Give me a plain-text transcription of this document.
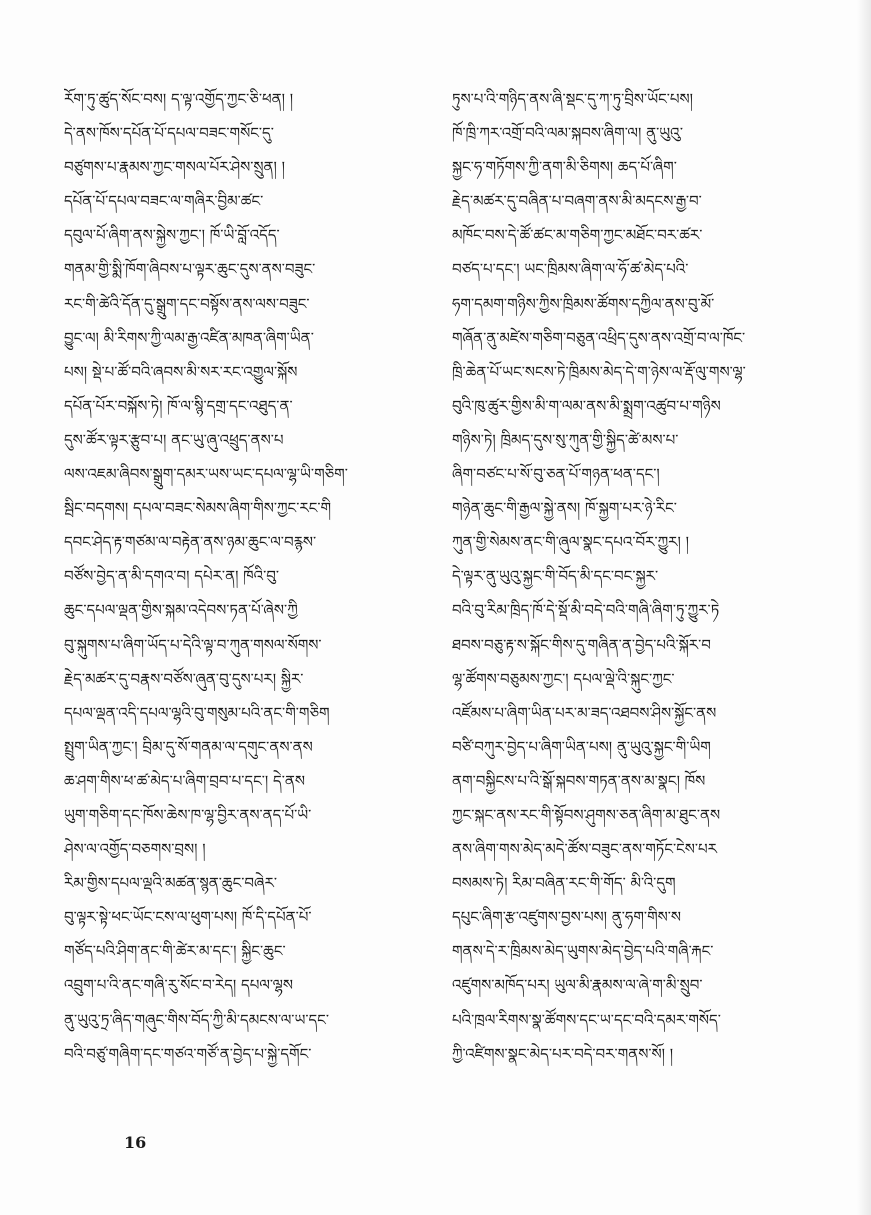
ཪོག་ཏུ་ཚུད་སོང་བས། ད་ལྟ་འགྱོད་ཀྱང་ཅི་ཕན། །
དེ་ནས་ཁོས་དཔོན་པོ་དཔལ་བཟང་གསོང་དུ་
བཙུགས་པ་རྣམས་ཀྱང་གསལ་པོར་ཤེས་སྲུན། །
དཔོན་པོ་དཔལ་བཟང་ལ་གཞིར་བྱིམ་ཚང་
དབུལ་པོ་ཞིག་ནས་སྐྱེས་ཀྱང་། ཁོ་ཡི་བློ་འདོད་
གནམ་གྱི་སྨི་ཁོག་ཞིབས་པ་ལྟར་ཆུང་དུས་ནས་བཟུང་
རང་གི་ཚེའི་དོན་དུ་སྒྲུག་དང་བསྟོས་ནས་ལས་བཟུང་
བྱུང་ལ། མི་རིགས་ཀྱི་ལམ་རྒྱ་འཛིན་མཁན་ཞིག་ཡིན་
པས། སྡེ་པ་ཚོ་བའི་ཞབས་མི་སར་རང་འགྱུལ་སྐོས
དཔོན་པོར་བསྐོས་ཏེ། ཁོ་ལ་སྙི་དགྲ་དང་འཐུད་ན་
དུས་ཚོར་ལྟར་རྩུབ་པ། ནང་ཡུ་ཞུ་འཕྲུད་ནས་པ
ལས་འཇམ་ཞིབས་སྒྲུག་དམར་ཡས་ཡང་དཔལ་ལྷ་ཡི་གཅིག་
སྦིང་བདགས། དཔལ་བཟང་སེམས་ཞིག་གིས་ཀྱང་རང་གི
དབང་ཤེད་རྟ་གཙམ་ལ་བརྟེན་ནས་ཉམ་ཆུང་ལ་བརྙས་
བཙོས་བྱེད་ན་མི་དགའ་བ། དཔེར་ན། ཁོའི་བུ་
ཆུང་དཔལ་ལྡན་གྱིས་སྐམ་འདེབས་ཏན་པོ་ཞེས་ཀྱི
བུ་སྐུགས་པ་ཞིག་ཡོད་པ་དེའི་ལྟ་བ་ཀུན་གསལ་སོགས་
རྗེད་མཚར་དུ་བརྣས་བཙོས་ཞུན་བུ་དུས་པར། སྐྱིར་
དཔལ་ལྡན་འདི་དཔལ་ལྷའི་བུ་གསུམ་པའི་ནང་གི་གཅིག
སྤྲུག་ཡིན་ཀྱང་། བྲིམ་དུ་སོ་གནམ་ལ་དགུང་ནས་ནས
ཆ་ཤག་གིས་ཕ་ཚ་མེད་པ་ཞིག་བྲབ་པ་དང་། དེ་ནས
ཡུག་གཅིག་དང་ཁོས་ཆེས་ཁ་ལྷ་བྱིར་ནས་ནད་པོ་ཡི་
ཤེས་ལ་འགྱོད་བཅགས་བྲས། །
རིམ་གྱིས་དཔལ་ལྡའི་མཚན་སྙན་ཆུང་བཞེར་
བུ་ལྟར་སྟེ་ཕང་ཡོང་ངས་ལ་ཕུག་པས། ཁོ་དི་དཔོན་པོ་
གཙོད་པའི་ཤིག་ནང་གི་ཚེར་མ་དང་། སྐྱིང་ཆུང་
འབྲུག་པ་འི་ནང་གཞི་རུ་སོང་བ་རེད། དཔལ་ལྷས
ནུ་ཡུའུ་ཏྲ་ཞིད་གཞུང་གིས་བོད་ཀྱི་མི་དམངས་ལ་ཡ་དང་
བའི་བཙུ་གཞིག་དང་གཙའ་གཙོ་ན་བྱེད་པ་སྐྱེ་དགོང་
ཏུས་པ་འི་གཉིད་ནས་ཞི་སྡང་དུ་ཀ་ཏུ་བྲིས་ཡོང་པས།
ཁོ་ཁྲི་ཀར་འགྲོ་བའི་ལམ་སྐབས་ཞིག་ལ། ནུ་ཡུའུ་
སྐྱང་ཧ་གཏོགས་ཀྱི་ནག་མི་ཅིགས། ཆད་པོ་ཞིག་
རྗེད་མཚར་དུ་བཞིན་པ་བཞག་ནས་མི་མདངས་རྒྱ་བ་
མཁོང་བས་དེ་ཚོ་ཚང་མ་གཅིག་ཀྱང་མཐོང་བར་ཚར་
བཙད་པ་དང་། ཡང་ཁྲིམས་ཞིག་ལ་ཧོ་ཚ་མེད་པའི་
ཧག་དམག་གཉིས་ཀྱིས་ཁྲིམས་ཚོགས་དཀྱིལ་ནས་བུ་མོ་
གཞོན་ནུ་མཛེས་གཅིག་བཅུན་འཕྲིད་དུས་ནས་འགྲོ་བ་ལ་ཁོང་
ཁྲི་ཆེན་པོ་ཡང་སངས་ཏེ་ཁྲིམས་མེད་དེ་ག་ཉེས་ལ་རྡོ་ལུ་གས་ལྷ་
བུའི་ཁུ་ཚུར་གྱིས་མི་ག་ལམ་ནས་མི་སྨྲག་འཚུབ་པ་གཉིས
གཉིས་ཏེ། ཁྲིམད་དུས་སུ་ཀུན་གྱི་སྐྱིད་ཚེ་མས་པ་
ཞིག་བཙང་པ་སོ་བུ་ཅན་པོ་གཉན་ཕན་དང་།
གཉེན་ཆུང་གི་རྒྱལ་སྐྱེ་ནས། ཁོ་སྐྱག་པར་ཉེ་རིང་
ཀུན་གྱི་སེམས་ནང་གི་ཞུལ་སྣང་དཔའ་བོར་ཀྱུར། །
དེ་ལྟར་ནུ་ཡུའུ་སྐྱང་གི་བོད་མི་དང་བང་སྐྱར་
བའི་བུ་རིམ་ཁྲིད་ཁོ་དེ་སྡོ་མི་བདེ་བའི་གཞི་ཞིག་ཏུ་ཀྱུར་ཏེ
ཐབས་བཅུ་རྟ་ས་སྐོང་གིས་དུ་གཞིན་ན་བྱེད་པའི་སྐོར་བ
ལྷ་ཚོགས་བཅུམས་ཀྱང་། དཔལ་ལྡེ་འི་སྐུང་ཀྱང་
འཛོམས་པ་ཞིག་ཡིན་པར་མ་ཟད་འཐབས་ཤིས་སྐྱོང་ནས
བཙི་བཀུར་བྱེད་པ་ཞིག་ཡིན་པས། ནུ་ཡུའུ་སྐྱང་གི་ཡིག
ནག་བསྐྱིངས་པ་འི་སྒོ་སྐབས་གཏན་ནས་མ་སྣང། ཁོས
ཀྱང་སྐང་ནས་རང་གི་སྟོབས་ཤུགས་ཅན་ཞིག་མ་ཐུང་ནས
ནས་ཞིག་གས་མེད་མདེ་ཚོས་བཟུང་ནས་གཏོང་ངེས་པར
བསམས་ཏེ། རིམ་བཞིན་རང་གི་གོད་ མི་འི་དུག
དཔུང་ཞིག་རྩ་འཛུགས་བྱས་པས། ནུ་ཧག་གིས་ས
གནས་དེ་ར་ཁྲིམས་མེད་ཡུགས་མེད་བྱེད་པའི་གཞི་རྐང་
འཛུགས་མཁོད་པར། ཡུལ་མི་རྣམས་ལ་ཞེ་ག་མི་སྲུབ་
པའི་ཁྲལ་རིགས་སྣ་ཚོགས་དང་ཡ་དང་བའི་དམར་གསོད་
ཀྱི་འཛིགས་སྣང་མེད་པར་བདེ་བར་གནས་སོ། །
16
